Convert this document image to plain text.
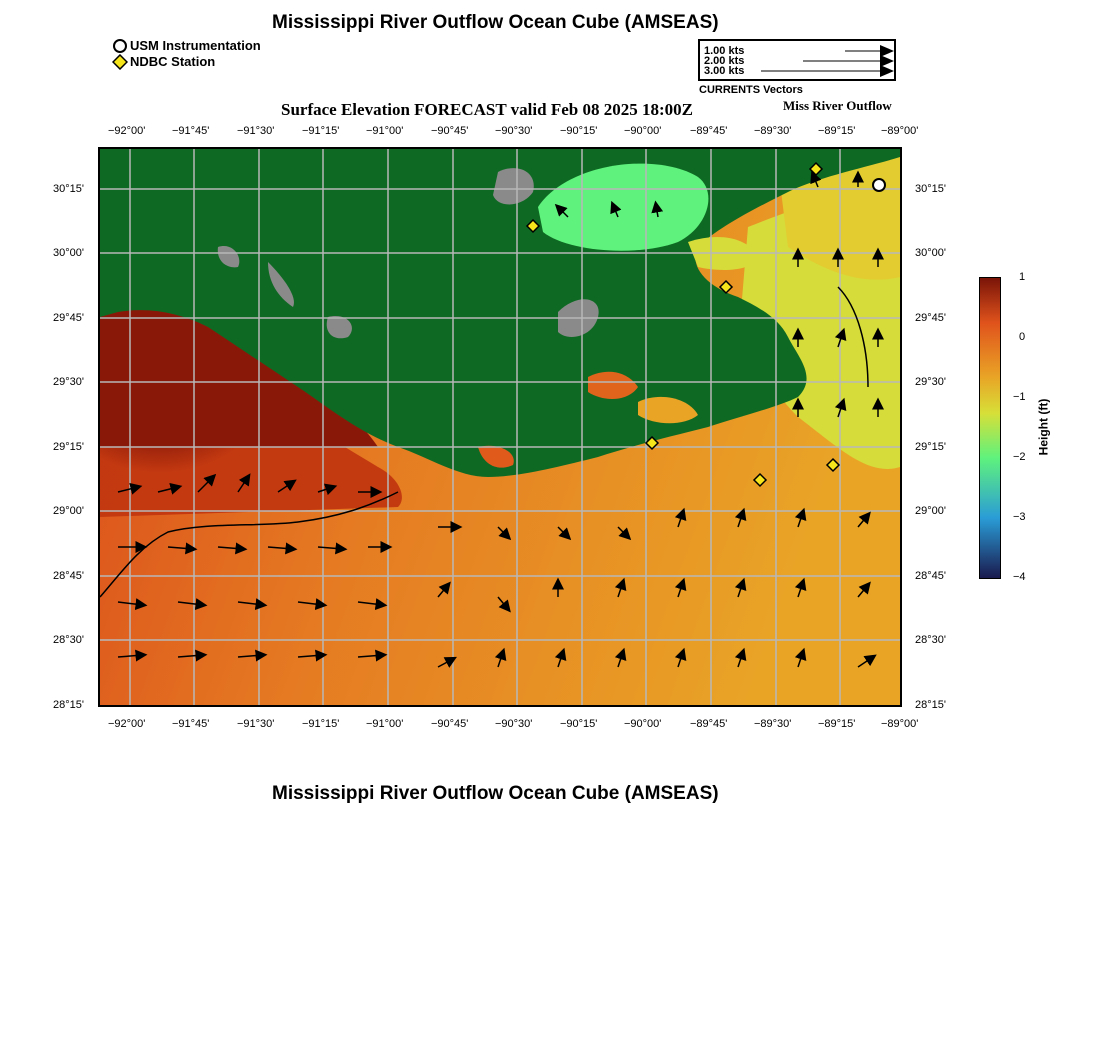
Mississippi River Outflow Ocean Cube (AMSEAS)
USM Instrumentation
NDBC Station
1.00 kts
2.00 kts
3.00 kts
CURRENTS Vectors
Surface Elevation FORECAST valid Feb 08 2025 18:00Z	Miss River Outflow
−92°00' −91°45'	−91°30'	−91°15' −91°00'	−90°45' −90°30'	−90°15' −90°00'	−89°45' −89°30' −89°15' −89°00'
−92°00' −91°45'	−91°30'	−91°15' −91°00'	−90°45' −90°30'	−90°15' −90°00'	−89°45' −89°30' −89°15' −89°00'
30°15'
30°00'
29°45'
29°30'
29°15'
29°00'
28°45'
28°30'
28°15'
30°15'
30°00'
29°45'
29°30'
29°15'
29°00'
28°45'
28°30'
28°15'
1
0
−1
−2
−3
−4
Height (ft)
Mississippi River Outflow Ocean Cube (AMSEAS)
